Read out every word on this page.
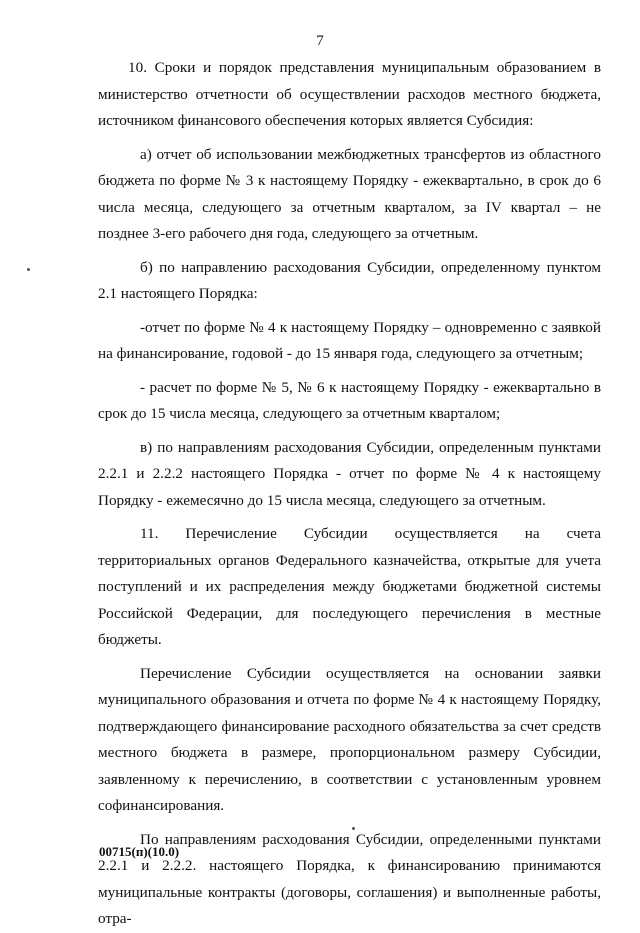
7

10. Сроки и порядок представления муниципальным образованием в министерство отчетности об осуществлении расходов местного бюджета, источником финансового обеспечения которых является Субсидия:

а) отчет об использовании межбюджетных трансфертов из областного бюджета по форме № 3 к настоящему Порядку - ежеквартально, в срок до 6 числа месяца, следующего за отчетным кварталом, за IV квартал – не позднее 3-его рабочего дня года, следующего за отчетным.

б) по направлению расходования Субсидии, определенному пунктом 2.1 настоящего Порядка:

-отчет по форме № 4 к настоящему Порядку – одновременно с заявкой на финансирование, годовой - до 15 января года, следующего за отчетным;

- расчет по форме № 5, № 6 к настоящему Порядку - ежеквартально в срок до 15 числа месяца, следующего за отчетным кварталом;

в) по направлениям расходования Субсидии, определенным пунктами 2.2.1 и 2.2.2 настоящего Порядка - отчет по форме № 4 к настоящему Порядку - ежемесячно до 15 числа месяца, следующего за отчетным.

11. Перечисление Субсидии осуществляется на счета территориальных органов Федерального казначейства, открытые для учета поступлений и их распределения между бюджетами бюджетной системы Российской Федерации, для последующего перечисления в местные бюджеты.

Перечисление Субсидии осуществляется на основании заявки муниципального образования и отчета по форме № 4 к настоящему Порядку, подтверждающего финансирование расходного обязательства за счет средств местного бюджета в размере, пропорциональном размеру Субсидии, заявленному к перечислению, в соответствии с установленным уровнем софинансирования.

По направлениям расходования Субсидии, определенными пунктами 2.2.1 и 2.2.2. настоящего Порядка, к финансированию принимаются муниципальные контракты (договоры, соглашения) и выполненные работы, отра-

00715(п)(10.0)
